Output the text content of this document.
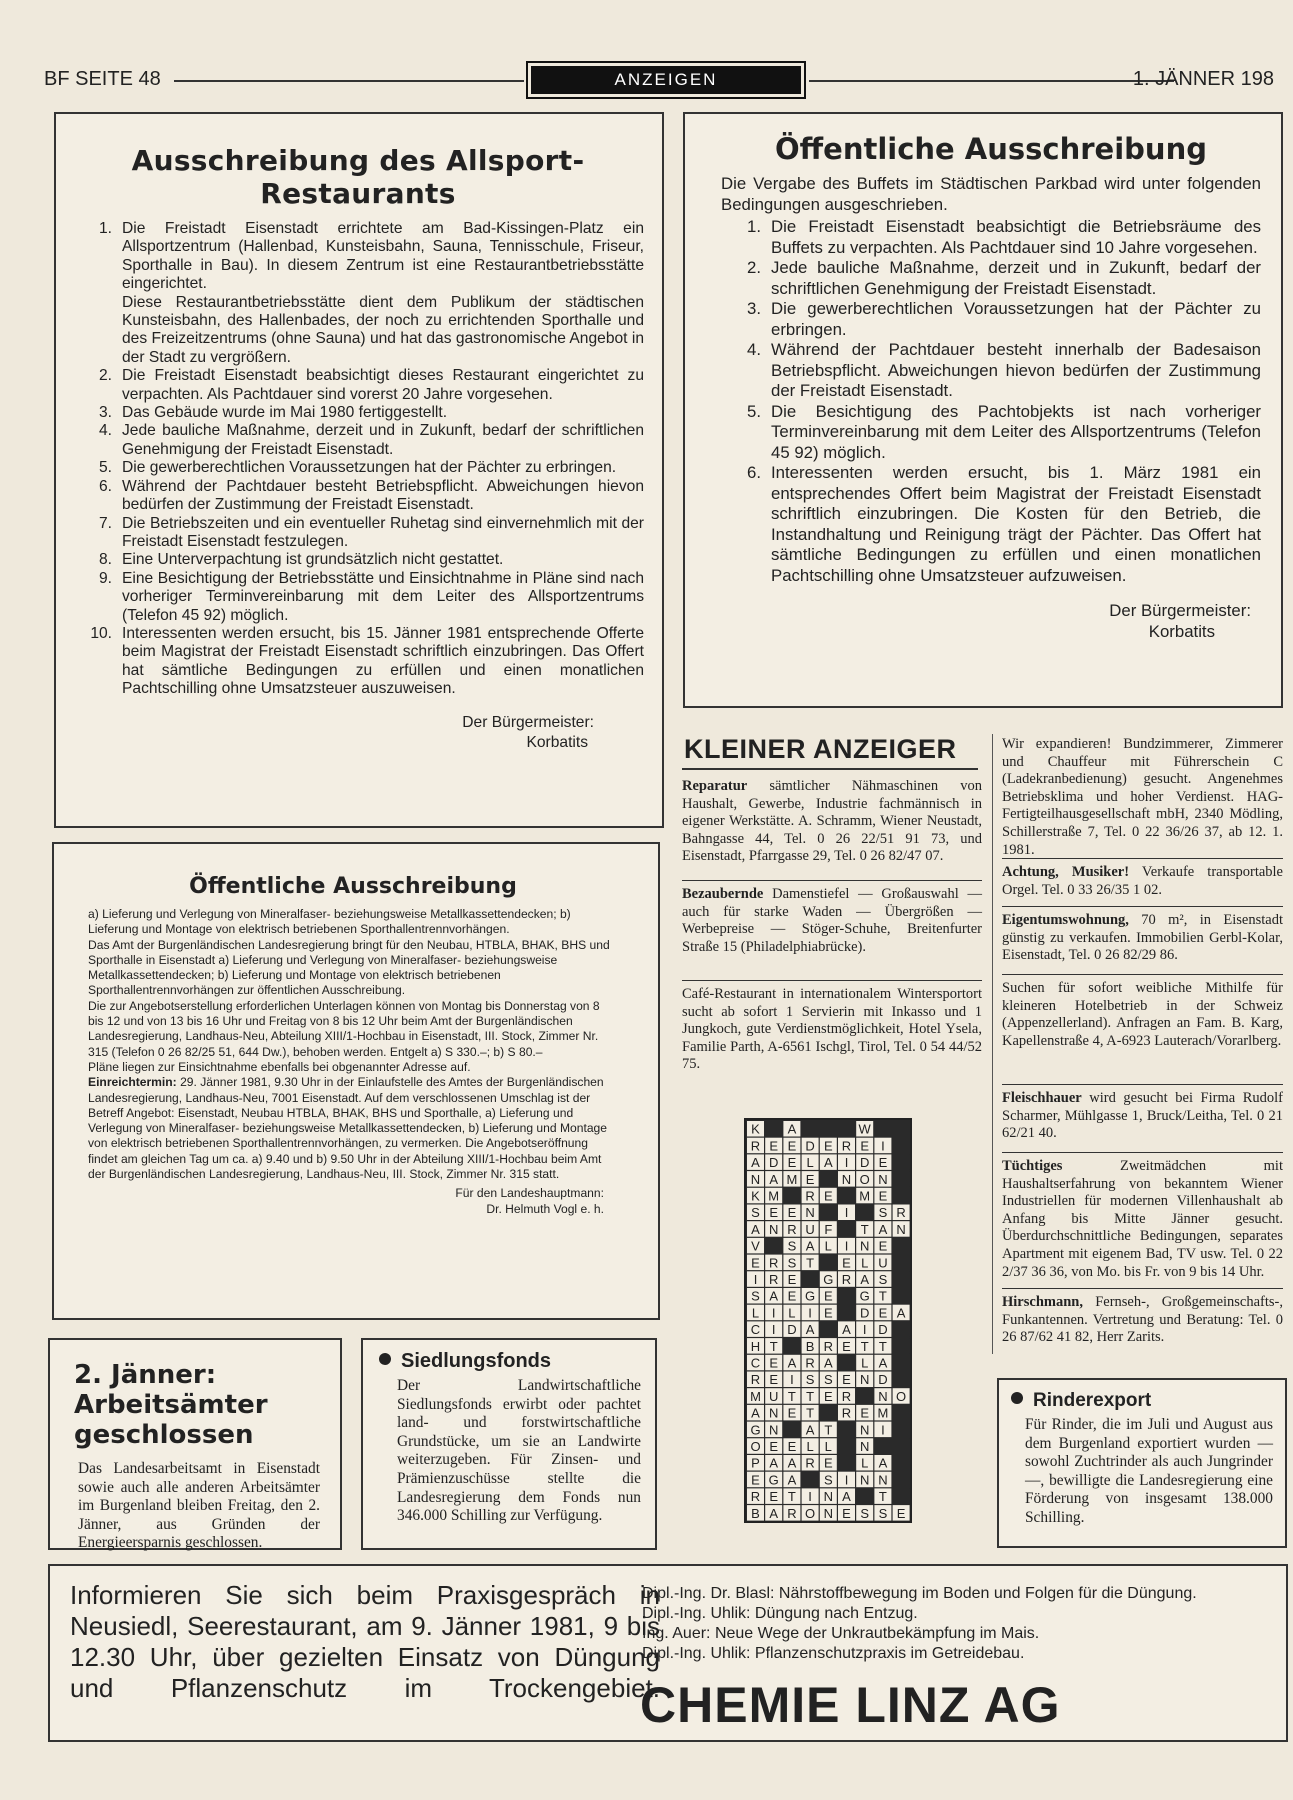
BF SEITE 48	ANZEIGEN	1. JÄNNER 198
Ausschreibung des Allsport-Restaurants
1. Die Freistadt Eisenstadt errichtete am Bad-Kissingen-Platz ein Allsportzentrum (Hallenbad, Kunsteisbahn, Sauna, Tennisschule, Friseur, Sporthalle in Bau). In diesem Zentrum ist eine Restaurantbetriebsstätte eingerichtet.
Diese Restaurantbetriebsstätte dient dem Publikum der städtischen Kunsteisbahn, des Hallenbades, der noch zu errichtenden Sporthalle und des Freizeitzentrums (ohne Sauna) und hat das gastronomische Angebot in der Stadt zu vergrößern.
2. Die Freistadt Eisenstadt beabsichtigt dieses Restaurant eingerichtet zu verpachten. Als Pachtdauer sind vorerst 20 Jahre vorgesehen.
3. Das Gebäude wurde im Mai 1980 fertiggestellt.
4. Jede bauliche Maßnahme, derzeit und in Zukunft, bedarf der schriftlichen Genehmigung der Freistadt Eisenstadt.
5. Die gewerberechtlichen Voraussetzungen hat der Pächter zu erbringen.
6. Während der Pachtdauer besteht Betriebspflicht. Abweichungen hievon bedürfen der Zustimmung der Freistadt Eisenstadt.
7. Die Betriebszeiten und ein eventueller Ruhetag sind einvernehmlich mit der Freistadt Eisenstadt festzulegen.
8. Eine Unterverpachtung ist grundsätzlich nicht gestattet.
9. Eine Besichtigung der Betriebsstätte und Einsichtnahme in Pläne sind nach vorheriger Terminvereinbarung mit dem Leiter des Allsportzentrums (Telefon 45 92) möglich.
10. Interessenten werden ersucht, bis 15. Jänner 1981 entsprechende Offerte beim Magistrat der Freistadt Eisenstadt schriftlich einzubringen. Das Offert hat sämtliche Bedingungen zu erfüllen und einen monatlichen Pachtschilling ohne Umsatzsteuer auszuweisen.
Der Bürgermeister:
Korbatits
Öffentliche Ausschreibung
Die Vergabe des Buffets im Städtischen Parkbad wird unter folgenden Bedingungen ausgeschrieben.
1. Die Freistadt Eisenstadt beabsichtigt die Betriebsräume des Buffets zu verpachten. Als Pachtdauer sind 10 Jahre vorgesehen.
2. Jede bauliche Maßnahme, derzeit und in Zukunft, bedarf der schriftlichen Genehmigung der Freistadt Eisenstadt.
3. Die gewerberechtlichen Voraussetzungen hat der Pächter zu erbringen.
4. Während der Pachtdauer besteht innerhalb der Badesaison Betriebspflicht. Abweichungen hievon bedürfen der Zustimmung der Freistadt Eisenstadt.
5. Die Besichtigung des Pachtobjekts ist nach vorheriger Terminvereinbarung mit dem Leiter des Allsportzentrums (Telefon 45 92) möglich.
6. Interessenten werden ersucht, bis 1. März 1981 ein entsprechendes Offert beim Magistrat der Freistadt Eisenstadt schriftlich einzubringen. Die Kosten für den Betrieb, die Instandhaltung und Reinigung trägt der Pächter. Das Offert hat sämtliche Bedingungen zu erfüllen und einen monatlichen Pachtschilling ohne Umsatzsteuer aufzuweisen.
Der Bürgermeister:
Korbatits
Öffentliche Ausschreibung
a) Lieferung und Verlegung von Mineralfaser- beziehungsweise Metallkassettendecken; b) Lieferung und Montage von elektrisch betriebenen Sporthallentrennvorhängen.
Das Amt der Burgenländischen Landesregierung bringt für den Neubau, HTBLA, BHAK, BHS und Sporthalle in Eisenstadt a) Lieferung und Verlegung von Mineralfaser- beziehungsweise Metallkassettendecken; b) Lieferung und Montage von elektrisch betriebenen Sporthallentrennvorhängen zur öffentlichen Ausschreibung.
Die zur Angebotserstellung erforderlichen Unterlagen können von Montag bis Donnerstag von 8 bis 12 und von 13 bis 16 Uhr und Freitag von 8 bis 12 Uhr beim Amt der Burgenländischen Landesregierung, Landhaus-Neu, Abteilung XIII/1-Hochbau in Eisenstadt, III. Stock, Zimmer Nr. 315 (Telefon 0 26 82/25 51, 644 Dw.), behoben werden. Entgelt a) S 330.–; b) S 80.–
Pläne liegen zur Einsichtnahme ebenfalls bei obgenannter Adresse auf.
Einreichtermin: 29. Jänner 1981, 9.30 Uhr in der Einlaufstelle des Amtes der Burgenländischen Landesregierung, Landhaus-Neu, 7001 Eisenstadt. Auf dem verschlossenen Umschlag ist der Betreff Angebot: Eisenstadt, Neubau HTBLA, BHAK, BHS und Sporthalle, a) Lieferung und Verlegung von Mineralfaser- beziehungsweise Metallkassettendecken, b) Lieferung und Montage von elektrisch betriebenen Sporthallentrennvorhängen, zu vermerken. Die Angebotseröffnung findet am gleichen Tag um ca. a) 9.40 und b) 9.50 Uhr in der Abteilung XIII/1-Hochbau beim Amt der Burgenländischen Landesregierung, Landhaus-Neu, III. Stock, Zimmer Nr. 315 statt.
Für den Landeshauptmann:
Dr. Helmuth Vogl e. h.
2. Jänner: Arbeitsämter geschlossen
Das Landesarbeitsamt in Eisenstadt sowie auch alle anderen Arbeitsämter im Burgenland bleiben Freitag, den 2. Jänner, aus Gründen der Energieersparnis geschlossen.
Siedlungsfonds
Der Landwirtschaftliche Siedlungsfonds erwirbt oder pachtet land- und forstwirtschaftliche Grundstücke, um sie an Landwirte weiterzugeben. Für Zinsen- und Prämienzuschüsse stellte die Landesregierung dem Fonds nun 346.000 Schilling zur Verfügung.
KLEINER ANZEIGER
Reparatur sämtlicher Nähmaschinen von Haushalt, Gewerbe, Industrie fachmännisch in eigener Werkstätte. A. Schramm, Wiener Neustadt, Bahngasse 44, Tel. 0 26 22/51 91 73, und Eisenstadt, Pfarrgasse 29, Tel. 0 26 82/47 07.
Bezaubernde Damenstiefel — Großauswahl — auch für starke Waden — Übergrößen — Werbepreise — Stöger-Schuhe, Breitenfurter Straße 15 (Philadelphiabrücke).
Café-Restaurant in internationalem Wintersportort sucht ab sofort 1 Servierin mit Inkasso und 1 Jungkoch, gute Verdienstmöglichkeit, Hotel Ysela, Familie Parth, A-6561 Ischgl, Tirol, Tel. 0 54 44/52 75.
Wir expandieren! Bundzimmerer, Zimmerer und Chauffeur mit Führerschein C (Ladekranbedienung) gesucht. Angenehmes Betriebsklima und hoher Verdienst. HAG-Fertigteilhausgesellschaft mbH, 2340 Mödling, Schillerstraße 7, Tel. 0 22 36/26 37, ab 12. 1. 1981.
Achtung, Musiker! Verkaufe transportable Orgel. Tel. 0 33 26/35 1 02.
Eigentumswohnung, 70 m², in Eisenstadt günstig zu verkaufen. Immobilien Gerbl-Kolar, Eisenstadt, Tel. 0 26 82/29 86.
Suchen für sofort weibliche Mithilfe für kleineren Hotelbetrieb in der Schweiz (Appenzellerland). Anfragen an Fam. B. Karg, Kapellenstraße 4, A-6923 Lauterach/Vorarlberg.
Fleischhauer wird gesucht bei Firma Rudolf Scharmer, Mühlgasse 1, Bruck/Leitha, Tel. 0 21 62/21 40.
Tüchtiges Zweitmädchen mit Haushaltserfahrung von bekanntem Wiener Industriellen für modernen Villenhaushalt ab Anfang bis Mitte Jänner gesucht. Überdurchschnittliche Bedingungen, separates Apartment mit eigenem Bad, TV usw. Tel. 0 22 2/37 36 36, von Mo. bis Fr. von 9 bis 14 Uhr.
Hirschmann, Fernseh-, Großgemeinschafts-, Funkantennen. Vertretung und Beratung: Tel. 0 26 87/62 41 82, Herr Zarits.
K A	W
R E E D E R E I
A D E L A I D E
N A M E N O N
K M R E M E
S E E N I S R
A N R U F T A N
V S A L I N E
E R S T E L U
I R E G R A S
S A E G E G T
L I L I E D E A
C I D A A I D
H T B R E T T
C E A R A L A
R E I S S E N D
M U T T E R N O
A N E T R E M
G N A T N I
O E E L L N
P A A R E L A
E G A S I N N
R E T I N A T
B A R O N E S S E
Rinderexport
Für Rinder, die im Juli und August aus dem Burgenland exportiert wurden — sowohl Zuchtrinder als auch Jungrinder —, bewilligte die Landesregierung eine Förderung von insgesamt 138.000 Schilling.
Informieren Sie sich beim Praxisgespräch in Neusiedl, Seerestaurant, am 9. Jänner 1981, 9 bis 12.30 Uhr, über gezielten Einsatz von Düngung und Pflanzenschutz im Trockengebiet.
Dipl.-Ing. Dr. Blasl: Nährstoffbewegung im Boden und Folgen für die Düngung.
Dipl.-Ing. Uhlik: Düngung nach Entzug.
Ing. Auer: Neue Wege der Unkrautbekämpfung im Mais.
Dipl.-Ing. Uhlik: Pflanzenschutzpraxis im Getreidebau.
CHEMIE LINZ AG
